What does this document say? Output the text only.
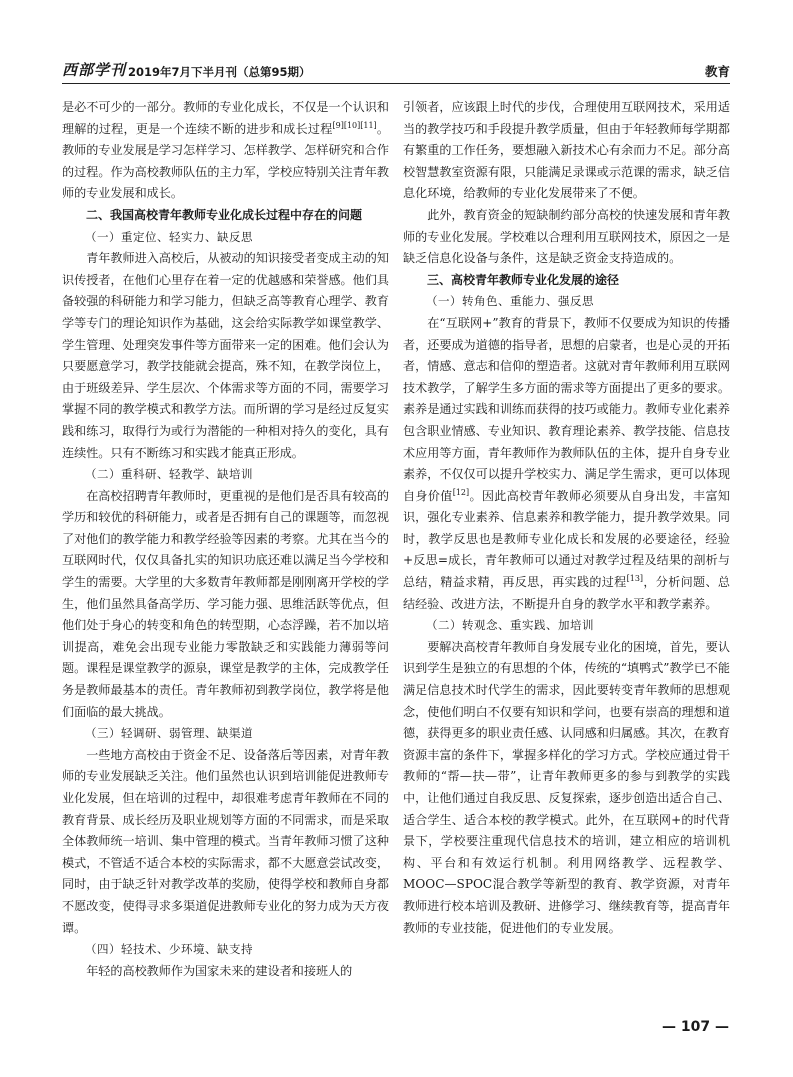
西部学刊 2019年7月下半月刊（总第95期）	教育

是必不可少的一部分。教师的专业化成长，不仅是一个认识和理解的过程，更是一个连续不断的进步和成长过程[9][10][11]。教师的专业发展是学习怎样学习、怎样教学、怎样研究和合作的过程。作为高校教师队伍的主力军，学校应特别关注青年教师的专业发展和成长。

二、我国高校青年教师专业化成长过程中存在的问题
（一）重定位、轻实力、缺反思

青年教师进入高校后，从被动的知识接受者变成主动的知识传授者，在他们心里存在着一定的优越感和荣誉感。他们具备较强的科研能力和学习能力，但缺乏高等教育心理学、教育学等专门的理论知识作为基础，这会给实际教学如课堂教学、学生管理、处理突发事件等方面带来一定的困难。他们会认为只要愿意学习，教学技能就会提高，殊不知，在教学岗位上，由于班级差异、学生层次、个体需求等方面的不同，需要学习掌握不同的教学模式和教学方法。而所谓的学习是经过反复实践和练习，取得行为或行为潜能的一种相对持久的变化，具有连续性。只有不断练习和实践才能真正形成。

（二）重科研、轻教学、缺培训

在高校招聘青年教师时，更重视的是他们是否具有较高的学历和较优的科研能力，或者是否拥有自己的课题等，而忽视了对他们的教学能力和教学经验等因素的考察。尤其在当今的互联网时代，仅仅具备扎实的知识功底还难以满足当今学校和学生的需要。大学里的大多数青年教师都是刚刚离开学校的学生，他们虽然具备高学历、学习能力强、思维活跃等优点，但他们处于身心的转变和角色的转型期，心态浮躁，若不加以培训提高，难免会出现专业能力零散缺乏和实践能力薄弱等问题。课程是课堂教学的源泉，课堂是教学的主体，完成教学任务是教师最基本的责任。青年教师初到教学岗位，教学将是他们面临的最大挑战。

（三）轻调研、弱管理、缺渠道

一些地方高校由于资金不足、设备落后等因素，对青年教师的专业发展缺乏关注。他们虽然也认识到培训能促进教师专业化发展，但在培训的过程中，却很难考虑青年教师在不同的教育背景、成长经历及职业规划等方面的不同需求，而是采取全体教师统一培训、集中管理的模式。当青年教师习惯了这种模式，不管适不适合本校的实际需求，都不大愿意尝试改变，同时，由于缺乏针对教学改革的奖励，使得学校和教师自身都不愿改变，使得寻求多渠道促进教师专业化的努力成为天方夜谭。

（四）轻技术、少环境、缺支持

年轻的高校教师作为国家未来的建设者和接班人的

引领者，应该跟上时代的步伐，合理使用互联网技术，采用适当的教学技巧和手段提升教学质量，但由于年轻教师每学期都有繁重的工作任务，要想融入新技术心有余而力不足。部分高校智慧教室资源有限，只能满足录课或示范课的需求，缺乏信息化环境，给教师的专业化发展带来了不便。

此外，教育资金的短缺制约部分高校的快速发展和青年教师的专业化发展。学校难以合理利用互联网技术，原因之一是缺乏信息化设备与条件，这是缺乏资金支持造成的。

三、高校青年教师专业化发展的途径
（一）转角色、重能力、强反思

在“互联网+”教育的背景下，教师不仅要成为知识的传播者，还要成为道德的指导者，思想的启蒙者，也是心灵的开拓者，情感、意志和信仰的塑造者。这就对青年教师利用互联网技术教学，了解学生多方面的需求等方面提出了更多的要求。素养是通过实践和训练而获得的技巧或能力。教师专业化素养包含职业情感、专业知识、教育理论素养、教学技能、信息技术应用等方面，青年教师作为教师队伍的主体，提升自身专业素养，不仅仅可以提升学校实力、满足学生需求，更可以体现自身价值[12]。因此高校青年教师必须要从自身出发，丰富知识，强化专业素养、信息素养和教学能力，提升教学效果。同时，教学反思也是教师专业化成长和发展的必要途径，经验+反思=成长，青年教师可以通过对教学过程及结果的剖析与总结，精益求精，再反思，再实践的过程[13]，分析问题、总结经验、改进方法，不断提升自身的教学水平和教学素养。

（二）转观念、重实践、加培训

要解决高校青年教师自身发展专业化的困境，首先，要认识到学生是独立的有思想的个体，传统的“填鸭式”教学已不能满足信息技术时代学生的需求，因此要转变青年教师的思想观念，使他们明白不仅要有知识和学问，也要有崇高的理想和道德，获得更多的职业责任感、认同感和归属感。其次，在教育资源丰富的条件下，掌握多样化的学习方式。学校应通过骨干教师的“帮—扶—带”，让青年教师更多的参与到教学的实践中，让他们通过自我反思、反复探索，逐步创造出适合自己、适合学生、适合本校的教学模式。此外，在互联网+的时代背景下，学校要注重现代信息技术的培训，建立相应的培训机构、平台和有效运行机制。利用网络教学、远程教学、MOOC—SPOC混合教学等新型的教育、教学资源，对青年教师进行校本培训及教研、进修学习、继续教育等，提高青年教师的专业技能，促进他们的专业发展。

— 107 —
